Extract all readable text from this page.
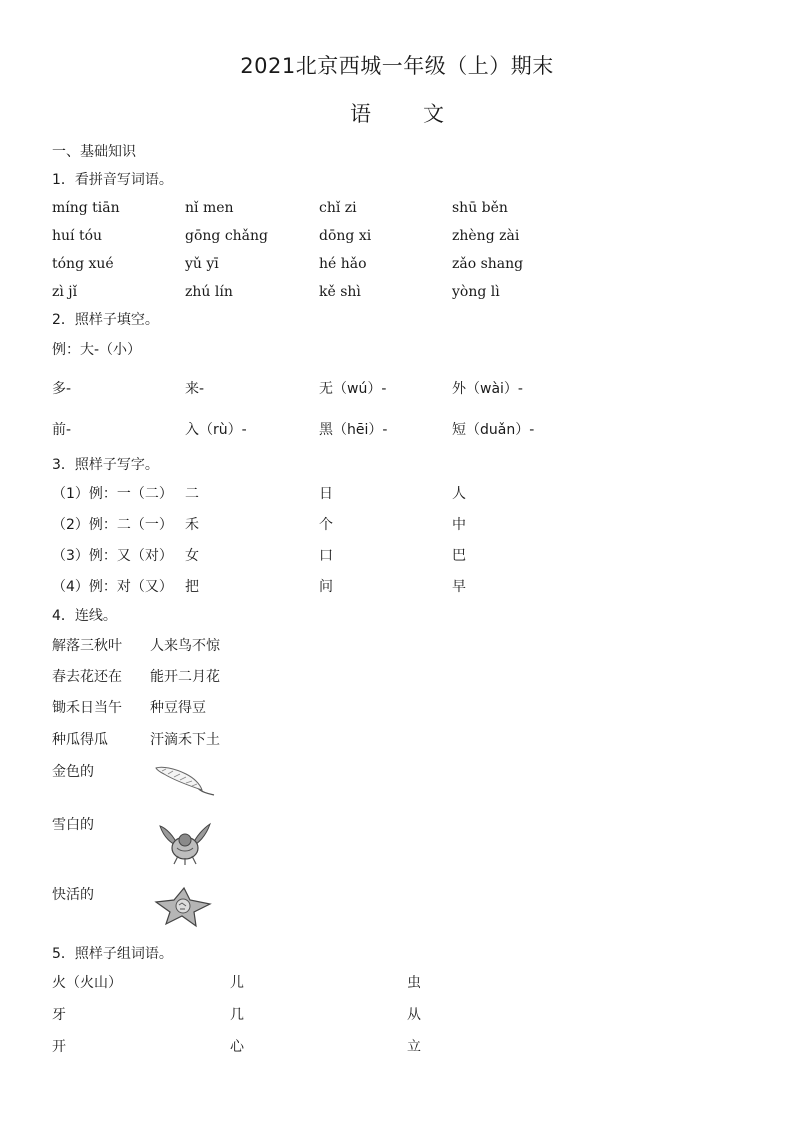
2021北京西城一年级（上）期末
语 文
一、基础知识
1．看拼音写词语。
míng tiān	nǐ men	chǐ zi	shū běn
huí tóu	gōng chǎng	dōng xi	zhèng zài
tóng xué	yǔ yī	hé hǎo	zǎo shang
zì jǐ	zhú lín	kě shì	yòng lì
2．照样子填空。
例：大-（小）
多-	来-	无（wú）-	外（wài）-
前-	入（rù）-	黑（hēi）-	短（duǎn）-
3．照样子写字。
（1）例：一（二） 二	日	人
（2）例：二（一） 禾	个	中
（3）例：又（对） 女	口	巴
（4）例：对（又） 把	问	早
4．连线。
解落三秋叶 人来鸟不惊
春去花还在 能开二月花
锄禾日当午 种豆得豆
种瓜得瓜	汗滴禾下土
金色的
雪白的
快活的
5．照样子组词语。
火（火山）	儿	虫
牙	几	从
开	心	立
